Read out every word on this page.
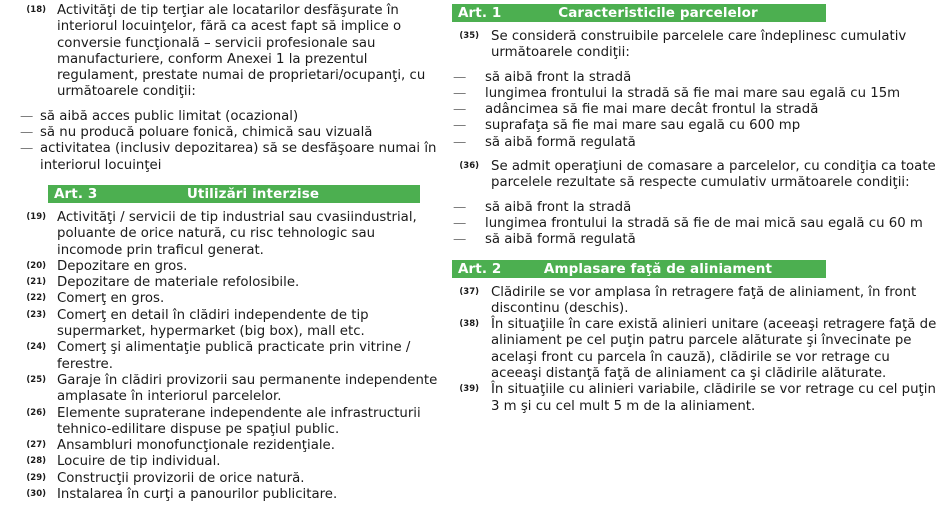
(18) Activităţi de tip terţiar ale locatarilor desfăşurate în interiorul locuinţelor, fără ca acest fapt să implice o conversie funcţională – servicii profesionale sau manufacturiere, conform Anexei 1 la prezentul regulament, prestate numai de proprietari/ocupanţi, cu următoarele condiţii:
— să aibă acces public limitat (ocazional)
— să nu producă poluare fonică, chimică sau vizuală
— activitatea (inclusiv depozitarea) să se desfăşoare numai în interiorul locuinţei
Art. 3	Utilizări interzise
(19) Activităţi / servicii de tip industrial sau cvasiindustrial, poluante de orice natură, cu risc tehnologic sau incomode prin traficul generat.
(20) Depozitare en gros.
(21) Depozitare de materiale refolosibile.
(22) Comerţ en gros.
(23) Comerţ en detail în clădiri independente de tip supermarket, hypermarket (big box), mall etc.
(24) Comerţ şi alimentaţie publică practicate prin vitrine / ferestre.
(25) Garaje în clădiri provizorii sau permanente independente amplasate în interiorul parcelelor.
(26) Elemente supraterane independente ale infrastructurii tehnico-edilitare dispuse pe spaţiul public.
(27) Ansambluri monofuncţionale rezidenţiale.
(28) Locuire de tip individual.
(29) Construcţii provizorii de orice natură.
(30) Instalarea în curţi a panourilor publicitare.
Art. 1	Caracteristicile parcelelor
(35) Se consideră construibile parcelele care îndeplinesc cumulativ următoarele condiţii:
—	să aibă front la stradă
—	lungimea frontului la stradă să fie mai mare sau egală cu 15m
—	adâncimea să fie mai mare decât frontul la stradă
—	suprafaţa să fie mai mare sau egală cu 600 mp
—	să aibă formă regulată
(36) Se admit operaţiuni de comasare a parcelelor, cu condiţia ca toate parcelele rezultate să respecte cumulativ următoarele condiţii:
—	să aibă front la stradă
—	lungimea frontului la stradă să fie de mai mică sau egală cu 60 m
—	să aibă formă regulată
Art. 2	Amplasare faţă de aliniament
(37) Clădirile se vor amplasa în retragere faţă de aliniament, în front discontinu (deschis).
(38) În situaţiile în care există alinieri unitare (aceeaşi retragere faţă de aliniament pe cel puţin patru parcele alăturate şi învecinate pe acelaşi front cu parcela în cauză), clădirile se vor retrage cu aceeaşi distanţă faţă de aliniament ca şi clădirile alăturate.
(39) În situaţiile cu alinieri variabile, clădirile se vor retrage cu cel puţin 3 m şi cu cel mult 5 m de la aliniament.
